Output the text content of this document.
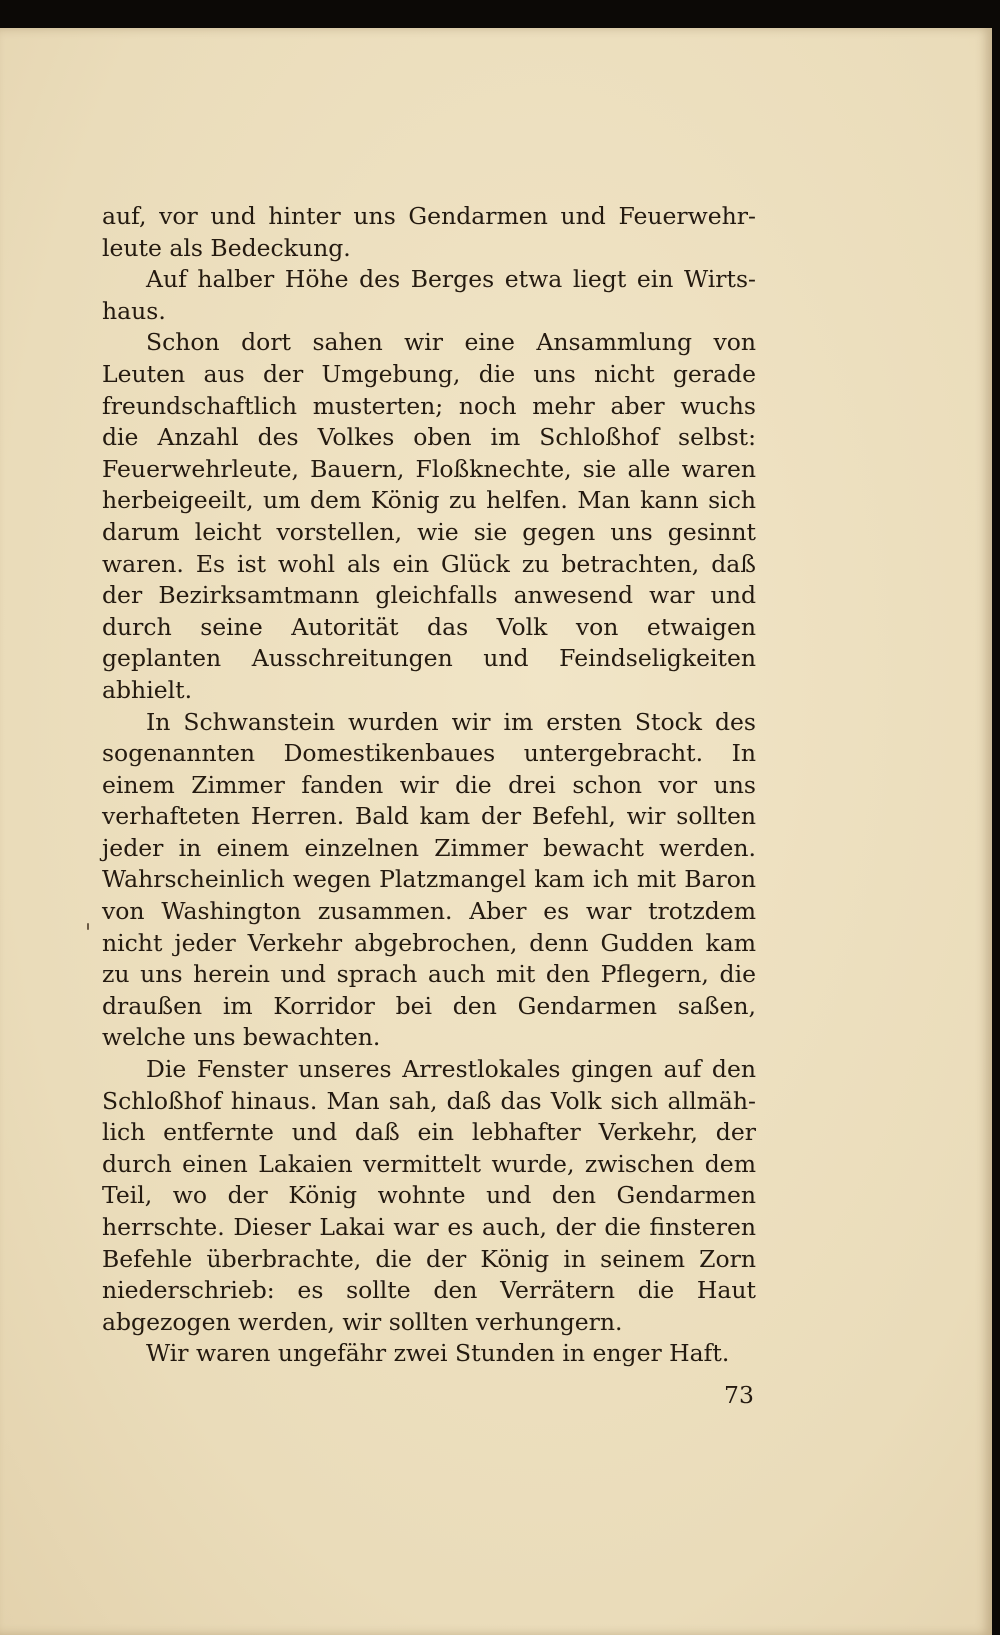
auf, vor und hinter uns Gendarmen und Feuerwehrleute als Bedeckung.

Auf halber Höhe des Berges etwa liegt ein Wirtshaus.

Schon dort sahen wir eine Ansammlung von Leuten aus der Umgebung, die uns nicht gerade freundschaftlich musterten; noch mehr aber wuchs die Anzahl des Volkes oben im Schloßhof selbst: Feuerwehrleute, Bauern, Floßknechte, sie alle waren herbeigeeilt, um dem König zu helfen. Man kann sich darum leicht vorstellen, wie sie gegen uns gesinnt waren. Es ist wohl als ein Glück zu betrachten, daß der Bezirksamtmann gleichfalls anwesend war und durch seine Autorität das Volk von etwaigen geplanten Ausschreitungen und Feindseligkeiten abhielt.

In Schwanstein wurden wir im ersten Stock des sogenannten Domestikenbaues untergebracht. In einem Zimmer fanden wir die drei schon vor uns verhafteten Herren. Bald kam der Befehl, wir sollten jeder in einem einzelnen Zimmer bewacht werden. Wahrscheinlich wegen Platzmangel kam ich mit Baron von Washington zusammen. Aber es war trotzdem nicht jeder Verkehr abgebrochen, denn Gudden kam zu uns herein und sprach auch mit den Pflegern, die draußen im Korridor bei den Gendarmen saßen, welche uns bewachten.

Die Fenster unseres Arrestlokales gingen auf den Schloßhof hinaus. Man sah, daß das Volk sich allmählich entfernte und daß ein lebhafter Verkehr, der durch einen Lakaien vermittelt wurde, zwischen dem Teil, wo der König wohnte und den Gendarmen herrschte. Dieser Lakai war es auch, der die finsteren Befehle überbrachte, die der König in seinem Zorn niederschrieb: es sollte den Verrätern die Haut abgezogen werden, wir sollten verhungern.

Wir waren ungefähr zwei Stunden in enger Haft.

73
